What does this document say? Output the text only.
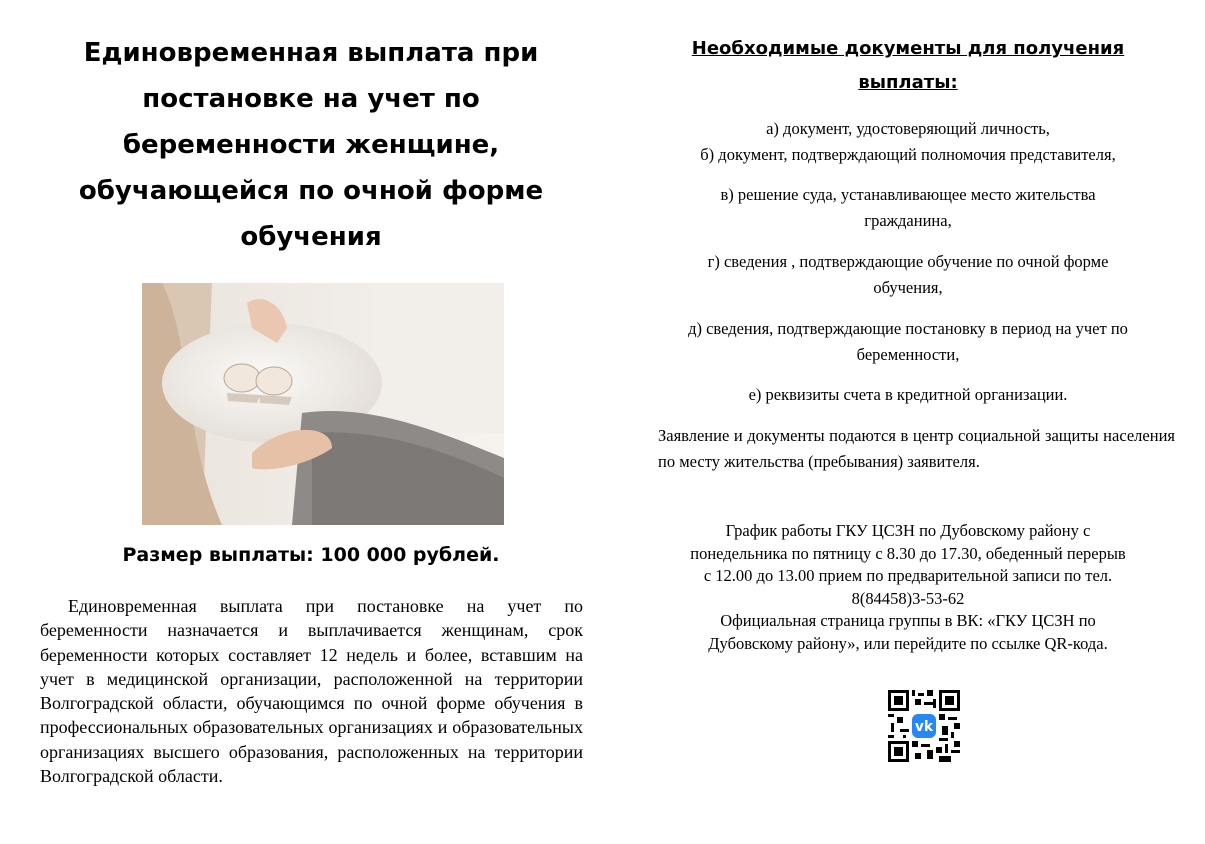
Единовременная выплата при
постановке на учет по
беременности женщине,
обучающейся по очной форме
обучения
Размер выплаты: 100 000 рублей.

Единовременная выплата при постановке на учет по беременности назначается и выплачивается женщинам, срок беременности которых составляет 12 недель и более, вставшим на учет в медицинской организации, расположенной на территории Волгоградской области, обучающимся по очной форме обучения в профессиональных образовательных организациях и образовательных организациях высшего образования, расположенных на территории Волгоградской области.

Необходимые документы для получения

выплаты:

а) документ, удостоверяющий личность,
б) документ, подтверждающий полномочия представителя,
в) решение суда, устанавливающее место жительства
гражданина,
г) сведения , подтверждающие обучение по очной форме
обучения,
д) сведения, подтверждающие постановку в период на учет по
беременности,
е) реквизиты счета в кредитной организации.

Заявление и документы подаются в центр социальной защиты населения по месту жительства (пребывания) заявителя.

График работы ГКУ ЦСЗН по Дубовскому району с
понедельника по пятницу с 8.30 до 17.30, обеденный перерыв
с 12.00 до 13.00 прием по предварительной записи по тел.
8(84458)3-53-62
Официальная страница группы в ВК: «ГКУ ЦСЗН по
Дубовскому району», или перейдите по ссылке QR-кода.
vk
